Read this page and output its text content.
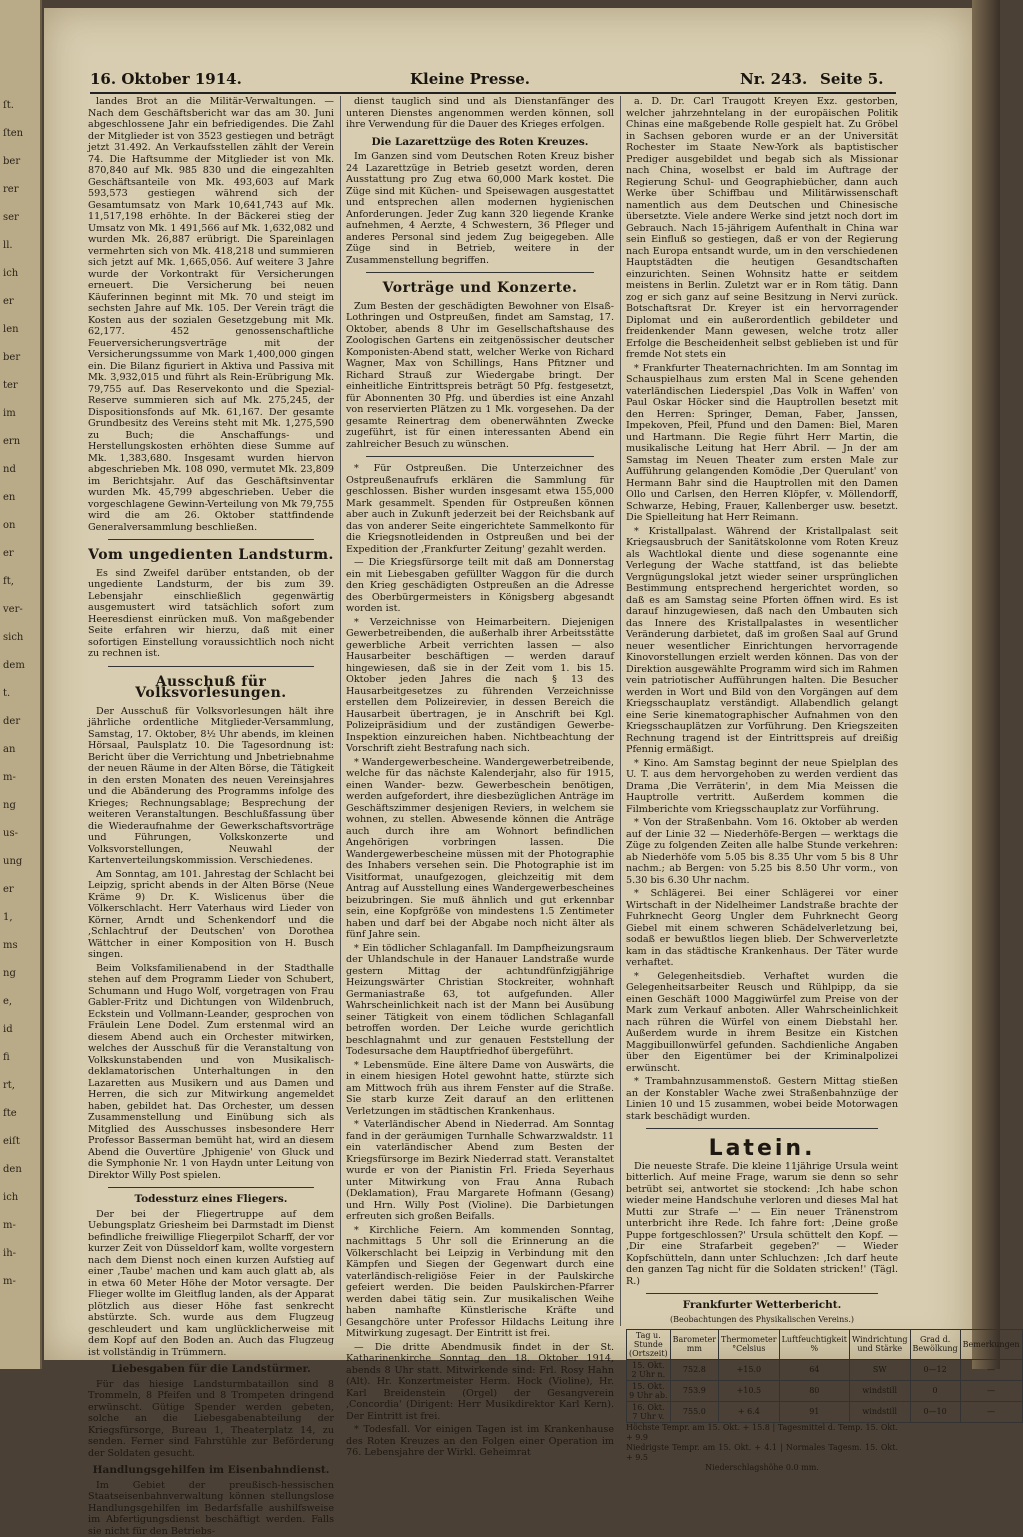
ſt.
ſten
ber
rer
ser
ll.
ich
er
len
ber
ter
im
ern
nd
en
on
er
ft,
ver-
sich
dem
t.
der
an
m-
ng
us-
ung
er
1,
ms
ng
e,
id
fi
rt,
fte
eiſt
den
ich
m-
ih-
m-
16. Oktober 1914.	Kleine Presse.	Nr. 243. Seite 5.

landes Brot an die Militär-Verwaltungen. — Nach dem Geschäftsbericht war das am 30. Juni abgeschlossene Jahr ein befriedigendes. Die Zahl der Mitglieder ist von 3523 gestiegen und beträgt jetzt 31.492. An Verkaufsstellen zählt der Verein 74. Die Haftsumme der Mitglieder ist von Mk. 870,840 auf Mk. 985 830 und die eingezahlten Geschäftsanteile von Mk. 493,603 auf Mark 593,573 gestiegen während sich der Gesamtumsatz von Mark 10,641,743 auf Mk. 11,517,198 erhöhte. In der Bäckerei stieg der Umsatz von Mk. 1 491,566 auf Mk. 1,632,082 und wurden Mk. 26,887 erübrigt. Die Spareinlagen vermehrten sich von Mk. 418,218 und summieren sich jetzt auf Mk. 1,665,056. Auf weitere 3 Jahre wurde der Vorkontrakt für Versicherungen erneuert. Die Versicherung bei neuen Käuferinnen beginnt mit Mk. 70 und steigt im sechsten Jahre auf Mk. 105. Der Verein trägt die Kosten aus der sozialen Gesetzgebung mit Mk. 62,177. 452 genossenschaftliche Feuerversicherungsverträge mit der Versicherungssumme von Mark 1,400,000 gingen ein. Die Bilanz figuriert in Aktiva und Passiva mit Mk. 3,932,015 und führt als Rein-Erübrigung Mk. 79,755 auf. Das Reservekonto und die Spezial-Reserve summieren sich auf Mk. 275,245, der Dispositionsfonds auf Mk. 61,167. Der gesamte Grundbesitz des Vereins steht mit Mk. 1,275,590 zu Buch; die Anschaffungs- und Herstellungskosten erhöhten diese Summe auf Mk. 1,383,680. Insgesamt wurden hiervon abgeschrieben Mk. 108 090, vermutet Mk. 23,809 im Berichtsjahr. Auf das Geschäftsinventar wurden Mk. 45,799 abgeschrieben. Ueber die vorgeschlagene Gewinn-Verteilung von Mk 79,755 wird die am 26. Oktober stattfindende Generalversammlung beschließen.

Vom ungedienten Landsturm.

Es sind Zweifel darüber entstanden, ob der ungediente Landsturm, der bis zum 39. Lebensjahr einschließlich gegenwärtig ausgemustert wird tatsächlich sofort zum Heeresdienst einrücken muß. Von maßgebender Seite erfahren wir hierzu, daß mit einer sofortigen Einstellung voraussichtlich noch nicht zu rechnen ist.

Ausschuß für Volksvorlesungen.

Der Ausschuß für Volksvorlesungen hält ihre jährliche ordentliche Mitglieder-Versammlung, Samstag, 17. Oktober, 8½ Uhr abends, im kleinen Hörsaal, Paulsplatz 10. Die Tagesordnung ist: Bericht über die Verrichtung und Jnbetriebnahme der neuen Räume in der Alten Börse, die Tätigkeit in den ersten Monaten des neuen Vereinsjahres und die Abänderung des Programms infolge des Krieges; Rechnungsablage; Besprechung der weiteren Veranstaltungen. Beschlußfassung über die Wiederaufnahme der Gewerkschaftsvorträge und Führungen, Volkskonzerte und Volksvorstellungen, Neuwahl der Kartenverteilungskommission. Verschiedenes.

Am Sonntag, am 101. Jahrestag der Schlacht bei Leipzig, spricht abends in der Alten Börse (Neue Kräme 9) Dr. K. Wislicenus über die Völkerschlacht. Herr Vaterhaus wird Lieder von Körner, Arndt und Schenkendorf und die ‚Schlachtruf der Deutschen' von Dorothea Wättcher in einer Komposition von H. Busch singen.

Beim Volksfamilienabend in der Stadthalle stehen auf dem Programm Lieder von Schubert, Schumann und Hugo Wolf, vorgetragen von Frau Gabler-Fritz und Dichtungen von Wildenbruch, Eckstein und Vollmann-Leander, gesprochen von Fräulein Lene Dodel. Zum erstenmal wird an diesem Abend auch ein Orchester mitwirken, welches der Ausschuß für die Veranstaltung von Volkskunstabenden und von Musikalisch-deklamatorischen Unterhaltungen in den Lazaretten aus Musikern und aus Damen und Herren, die sich zur Mitwirkung angemeldet haben, gebildet hat. Das Orchester, um dessen Zusammenstellung und Einübung sich als Mitglied des Ausschusses insbesondere Herr Professor Basserman bemüht hat, wird an diesem Abend die Ouvertüre ‚Jphigenie' von Gluck und die Symphonie Nr. 1 von Haydn unter Leitung von Direktor Willy Post spielen.

Todessturz eines Fliegers.

Der bei der Fliegertruppe auf dem Uebungsplatz Griesheim bei Darmstadt im Dienst befindliche freiwillige Fliegerpilot Scharff, der vor kurzer Zeit von Düsseldorf kam, wollte vorgestern nach dem Dienst noch einen kurzen Aufstieg auf einer ‚Taube' machen und kam auch glatt ab, als in etwa 60 Meter Höhe der Motor versagte. Der Flieger wollte im Gleitflug landen, als der Apparat plötzlich aus dieser Höhe fast senkrecht abstürzte. Sch. wurde aus dem Flugzeug geschleudert und kam unglücklicherweise mit dem Kopf auf den Boden an. Auch das Flugzeug ist vollständig in Trümmern.

Liebesgaben für die Landstürmer.

Für das hiesige Landsturmbataillon sind 8 Trommeln, 8 Pfeifen und 8 Trompeten dringend erwünscht. Gütige Spender werden gebeten, solche an die Liebesgabenabteilung der Kriegsfürsorge, Bureau 1, Theaterplatz 14, zu senden. Ferner sind Fahrstühle zur Beförderung der Soldaten gesucht.

Handlungsgehilfen im Eisenbahndienst.

Im Gebiet der preußisch-hessischen Staatseisenbahnverwaltung können stellungslose Handlungsgehilfen im Bedarfsfalle aushilfsweise im Abfertigungsdienst beschäftigt werden. Falls sie nicht für den Betriebs-

dienst tauglich sind und als Dienstanfänger des unteren Dienstes angenommen werden können, soll ihre Verwendung für die Dauer des Krieges erfolgen.

Die Lazarettzüge des Roten Kreuzes.

Im Ganzen sind vom Deutschen Roten Kreuz bisher 24 Lazarettzüge in Betrieb gesetzt worden, deren Ausstattung pro Zug etwa 60,000 Mark kostet. Die Züge sind mit Küchen- und Speisewagen ausgestattet und entsprechen allen modernen hygienischen Anforderungen. Jeder Zug kann 320 liegende Kranke aufnehmen, 4 Aerzte, 4 Schwestern, 36 Pfleger und anderes Personal sind jedem Zug beigegeben. Alle Züge sind in Betrieb, weitere in der Zusammenstellung begriffen.

Vorträge und Konzerte.

Zum Besten der geschädigten Bewohner von Elsaß-Lothringen und Ostpreußen, findet am Samstag, 17. Oktober, abends 8 Uhr im Gesellschaftshause des Zoologischen Gartens ein zeitgenössischer deutscher Komponisten-Abend statt, welcher Werke von Richard Wagner, Max von Schillings, Hans Pfitzner und Richard Strauß zur Wiedergabe bringt. Der einheitliche Eintrittspreis beträgt 50 Pfg. festgesetzt, für Abonnenten 30 Pfg. und überdies ist eine Anzahl von reservierten Plätzen zu 1 Mk. vorgesehen. Da der gesamte Reinertrag dem obenerwähnten Zwecke zugeführt, ist für einen interessanten Abend ein zahlreicher Besuch zu wünschen.

* Für Ostpreußen. Die Unterzeichner des Ostpreußenaufrufs erklären die Sammlung für geschlossen. Bisher wurden insgesamt etwa 155,000 Mark gesammelt. Spenden für Ostpreußen können aber auch in Zukunft jederzeit bei der Reichsbank auf das von anderer Seite eingerichtete Sammelkonto für die Kriegsnotleidenden in Ostpreußen und bei der Expedition der ‚Frankfurter Zeitung' gezahlt werden.

— Die Kriegsfürsorge teilt mit daß am Donnerstag ein mit Liebesgaben gefüllter Waggon für die durch den Krieg geschädigten Ostpreußen an die Adresse des Oberbürgermeisters in Königsberg abgesandt worden ist.

* Verzeichnisse von Heimarbeitern. Diejenigen Gewerbetreibenden, die außerhalb ihrer Arbeitsstätte gewerbliche Arbeit verrichten lassen — also Hausarbeiter beschäftigen — werden darauf hingewiesen, daß sie in der Zeit vom 1. bis 15. Oktober jeden Jahres die nach § 13 des Hausarbeitgesetzes zu führenden Verzeichnisse erstellen dem Polizeirevier, in dessen Bereich die Hausarbeit übertragen, je in Anschrift bei Kgl. Polizeipräsidium und der zuständigen Gewerbe-Inspektion einzureichen haben. Nichtbeachtung der Vorschrift zieht Bestrafung nach sich.

* Wandergewerbescheine. Wandergewerbetreibende, welche für das nächste Kalenderjahr, also für 1915, einen Wander- bezw. Gewerbeschein benötigen, werden aufgefordert, ihre diesbezüglichen Anträge im Geschäftszimmer desjenigen Reviers, in welchem sie wohnen, zu stellen. Abwesende können die Anträge auch durch ihre am Wohnort befindlichen Angehörigen vorbringen lassen. Die Wandergewerbescheine müssen mit der Photographie des Inhabers versehen sein. Die Photographie ist im Visitformat, unaufgezogen, gleichzeitig mit dem Antrag auf Ausstellung eines Wandergewerbescheines beizubringen. Sie muß ähnlich und gut erkennbar sein, eine Kopfgröße von mindestens 1.5 Zentimeter haben und darf bei der Abgabe noch nicht älter als fünf Jahre sein.

* Ein tödlicher Schlaganfall. Im Dampfheizungsraum der Uhlandschule in der Hanauer Landstraße wurde gestern Mittag der achtundfünfzigjährige Heizungswärter Christian Stockreiter, wohnhaft Germaniastraße 63, tot aufgefunden. Aller Wahrscheinlichkeit nach ist der Mann bei Ausübung seiner Tätigkeit von einem tödlichen Schlaganfall betroffen worden. Der Leiche wurde gerichtlich beschlagnahmt und zur genauen Feststellung der Todesursache dem Hauptfriedhof übergeführt.

* Lebensmüde. Eine ältere Dame von Auswärts, die in einem hiesigen Hotel gewohnt hatte, stürzte sich am Mittwoch früh aus ihrem Fenster auf die Straße. Sie starb kurze Zeit darauf an den erlittenen Verletzungen im städtischen Krankenhaus.

* Vaterländischer Abend in Niederrad. Am Sonntag fand in der geräumigen Turnhalle Schwarzwaldstr. 11 ein vaterländischer Abend zum Besten der Kriegsfürsorge im Bezirk Niederrad statt. Veranstaltet wurde er von der Pianistin Frl. Frieda Seyerhaus unter Mitwirkung von Frau Anna Rubach (Deklamation), Frau Margarete Hofmann (Gesang) und Hrn. Willy Post (Violine). Die Darbietungen erfreuten sich großen Beifalls.

* Kirchliche Feiern. Am kommenden Sonntag, nachmittags 5 Uhr soll die Erinnerung an die Völkerschlacht bei Leipzig in Verbindung mit den Kämpfen und Siegen der Gegenwart durch eine vaterländisch-religiöse Feier in der Paulskirche gefeiert werden. Die beiden Paulskirchen-Pfarrer werden dabei tätig sein. Zur musikalischen Weihe haben namhafte Künstlerische Kräfte und Gesangchöre unter Professor Hildachs Leitung ihre Mitwirkung zugesagt. Der Eintritt ist frei.

— Die dritte Abendmusik findet in der St. Katharinenkirche Sonntag den 18. Oktober 1914, abends 8 Uhr statt. Mitwirkende sind: Frl. Rosy Hahn (Alt). Hr. Konzertmeister Herm. Hock (Violine), Hr. Karl Breidenstein (Orgel) der Gesangverein ‚Concordia' (Dirigent: Herr Musikdirektor Karl Kern). Der Eintritt ist frei.

* Todesfall. Vor einigen Tagen ist im Krankenhause des Roten Kreuzes an den Folgen einer Operation im 76. Lebensjahre der Wirkl. Geheimrat

a. D. Dr. Carl Traugott Kreyen Exz. gestorben, welcher jahrzehntelang in der europäischen Politik Chinas eine maßgebende Rolle gespielt hat. Zu Gröbel in Sachsen geboren wurde er an der Universität Rochester im Staate New-York als baptistischer Prediger ausgebildet und begab sich als Missionar nach China, woselbst er bald im Auftrage der Regierung Schul- und Geographiebücher, dann auch Werke über Schiffbau und Militärwissenschaft namentlich aus dem Deutschen und Chinesische übersetzte. Viele andere Werke sind jetzt noch dort im Gebrauch. Nach 15-jährigem Aufenthalt in China war sein Einfluß so gestiegen, daß er von der Regierung nach Europa entsandt wurde, um in den verschiedenen Hauptstädten die heutigen Gesandtschaften einzurichten. Seinen Wohnsitz hatte er seitdem meistens in Berlin. Zuletzt war er in Rom tätig. Dann zog er sich ganz auf seine Besitzung in Nervi zurück. Botschaftsrat Dr. Kreyer ist ein hervorragender Diplomat und ein außerordentlich gebildeter und freidenkender Mann gewesen, welche trotz aller Erfolge die Bescheidenheit selbst geblieben ist und für fremde Not stets ein

* Frankfurter Theaternachrichten. Im am Sonntag im Schauspielhaus zum ersten Mal in Scene gehenden vaterländischen Liederspiel ‚Das Volk in Waffen' von Paul Oskar Höcker sind die Hauptrollen besetzt mit den Herren: Springer, Deman, Faber, Janssen, Impekoven, Pfeil, Pfund und den Damen: Biel, Maren und Hartmann. Die Regie führt Herr Martin, die musikalische Leitung hat Herr Abril. — Jn der am Samstag im Neuen Theater zum ersten Male zur Aufführung gelangenden Komödie ‚Der Querulant' von Hermann Bahr sind die Hauptrollen mit den Damen Ollo und Carlsen, den Herren Klöpfer, v. Möllendorff, Schwarze, Hebing, Frauer, Kallenberger usw. besetzt. Die Spielleitung hat Herr Reimann.

* Kristallpalast. Während der Kristallpalast seit Kriegsausbruch der Sanitätskolonne vom Roten Kreuz als Wachtlokal diente und diese sogenannte eine Verlegung der Wache stattfand, ist das beliebte Vergnügungslokal jetzt wieder seiner ursprünglichen Bestimmung entsprechend hergerichtet worden, so daß es am Samstag seine Pforten öffnen wird. Es ist darauf hinzugewiesen, daß nach den Umbauten sich das Innere des Kristallpalastes in wesentlicher Veränderung darbietet, daß im großen Saal auf Grund neuer wesentlicher Einrichtungen hervorragende Kinovorstellungen erzielt werden können. Das von der Direktion ausgewählte Programm wird sich im Rahmen vein patriotischer Aufführungen halten. Die Besucher werden in Wort und Bild von den Vorgängen auf dem Kriegsschauplatz verständigt. Allabendlich gelangt eine Serie kinematographischer Aufnahmen von den Kriegsschauplätzen zur Vorführung. Den Kriegszeiten Rechnung tragend ist der Eintrittspreis auf dreißig Pfennig ermäßigt.

* Kino. Am Samstag beginnt der neue Spielplan des U. T. aus dem hervorgehoben zu werden verdient das Drama ‚Die Verräterin', in dem Mia Meissen die Hauptrolle vertritt. Außerdem kommen die Filmberichte vom Kriegsschauplatz zur Vorführung.

* Von der Straßenbahn. Vom 16. Oktober ab werden auf der Linie 32 — Niederhöfe-Bergen — werktags die Züge zu folgenden Zeiten alle halbe Stunde verkehren: ab Niederhöfe vom 5.05 bis 8.35 Uhr vom 5 bis 8 Uhr nachm.; ab Bergen: von 5.25 bis 8.50 Uhr vorm., von 5.30 bis 6.30 Uhr nachm.

* Schlägerei. Bei einer Schlägerei vor einer Wirtschaft in der Nidelheimer Landstraße brachte der Fuhrknecht Georg Ungler dem Fuhrknecht Georg Giebel mit einem schweren Schädelverletzung bei, sodaß er bewußtlos liegen blieb. Der Schwerverletzte kam in das städtische Krankenhaus. Der Täter wurde verhaftet.

* Gelegenheitsdieb. Verhaftet wurden die Gelegenheitsarbeiter Reusch und Rühlpipp, da sie einen Geschäft 1000 Maggiwürfel zum Preise von der Mark zum Verkauf anboten. Aller Wahrscheinlichkeit nach rühren die Würfel von einem Diebstahl her. Außerdem wurde in ihrem Besitze ein Kistchen Maggibuillonwürfel gefunden. Sachdienliche Angaben über den Eigentümer bei der Kriminalpolizei erwünscht.

* Trambahnzusammenstoß. Gestern Mittag stießen an der Konstabler Wache zwei Straßenbahnzüge der Linien 10 und 15 zusammen, wobei beide Motorwagen stark beschädigt wurden.

Latein.

Die neueste Strafe. Die kleine 11jährige Ursula weint bitterlich. Auf meine Frage, warum sie denn so sehr betrübt sei, antwortet sie stockend: ‚Ich habe schon wieder meine Handschuhe verloren und dieses Mal hat Mutti zur Strafe —' — Ein neuer Tränenstrom unterbricht ihre Rede. Ich fahre fort: ‚Deine große Puppe fortgeschlossen?' Ursula schüttelt den Kopf. — ‚Dir eine Strafarbeit gegeben?' — Wieder Kopfschütteln, dann unter Schluchzen: ‚Ich darf heute den ganzen Tag nicht für die Soldaten stricken!' (Tägl. R.)

Frankfurter Wetterbericht.
(Beobachtungen des Physikalischen Vereins.)
Tag u. Stunde (Ortszeit)	Barometer mm	Thermometer °Celsius	Luftfeuchtigkeit %	Windrichtung und Stärke	Grad d. Bewölkung	Bemerkungen
15. Okt. 2 Uhr n.	752.8	+15.0	64	SW	0—12	—
15. Okt. 9 Uhr ab.	753.9	+10.5	80	windstill	0	—
16. Okt. 7 Uhr v.	755.0	+ 6.4	91	windstill	0—10	—
Höchste Tempr. am 15. Okt. + 15.8 | Tagesmittel d. Temp. 15. Okt. + 9.9
Niedrigste Tempr. am 15. Okt. + 4.1 | Normales Tagesm. 15. Okt. + 9.5
Niederschlagshöhe 0.0 mm.
